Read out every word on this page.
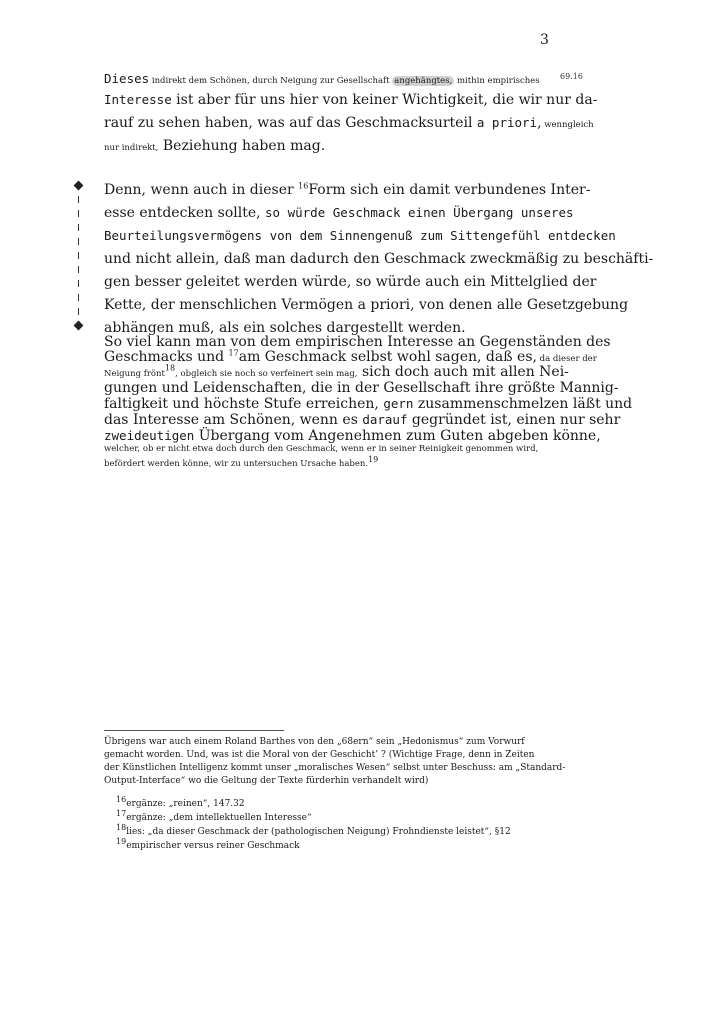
3
69.16
Dieses indirekt dem Schönen, durch Neigung zur Gesellschaft angehängtes, mithin empirisches
Interesse ist aber für uns hier von keiner Wichtigkeit, die wir nur da-
rauf zu sehen haben, was auf das Geschmacksurteil a priori, wenngleich
nur indirekt, Beziehung haben mag.
Denn, wenn auch in dieser $^{16}$Form sich ein damit verbundenes Inter-
esse entdecken sollte, so würde Geschmack einen Übergang unseres
Beurteilungsvermögens von dem Sinnengenuß zum Sittengefühl entdecken
und nicht allein, daß man dadurch den Geschmack zweckmäßig zu beschäfti-
gen besser geleitet werden würde, so würde auch ein Mittelglied der
Kette, der menschlichen Vermögen a priori, von denen alle Gesetzgebung
abhängen muß, als ein solches dargestellt werden.
So viel kann man von dem empirischen Interesse an Gegenständen des
Geschmacks und $^{17}$am Geschmack selbst wohl sagen, daß es, da dieser der
Neigung frönt$^{18}$, obgleich sie noch so verfeinert sein mag, sich doch auch mit allen Nei-
gungen und Leidenschaften, die in der Gesellschaft ihre größte Mannig-
faltigkeit und höchste Stufe erreichen, gern zusammenschmelzen läßt und
das Interesse am Schönen, wenn es darauf gegründet ist, einen nur sehr
zweideutigen Übergang vom Angenehmen zum Guten abgeben könne,
welcher, ob er nicht etwa doch durch den Geschmack, wenn er in seiner Reinigkeit genommen wird,
befördert werden könne, wir zu untersuchen Ursache haben.$^{19}$
Übrigens war auch einem Roland Barthes von den „68ern“ sein „Hedonismus“ zum Vorwurf
gemacht worden. Und, was ist die Moral von der Geschicht’ ? (Wichtige Frage, denn in Zeiten
der Künstlichen Intelligenz kommt unser „moralisches Wesen“ selbst unter Beschuss: am „Standard-
Output-Interface“ wo die Geltung der Texte fürderhin verhandelt wird)
$^{16}$ergänze: „reinen“, 147.32
$^{17}$ergänze: „dem intellektuellen Interesse“
$^{18}$lies: „da dieser Geschmack der (pathologischen Neigung) Frohndienste leistet“, §12
$^{19}$empirischer versus reiner Geschmack
